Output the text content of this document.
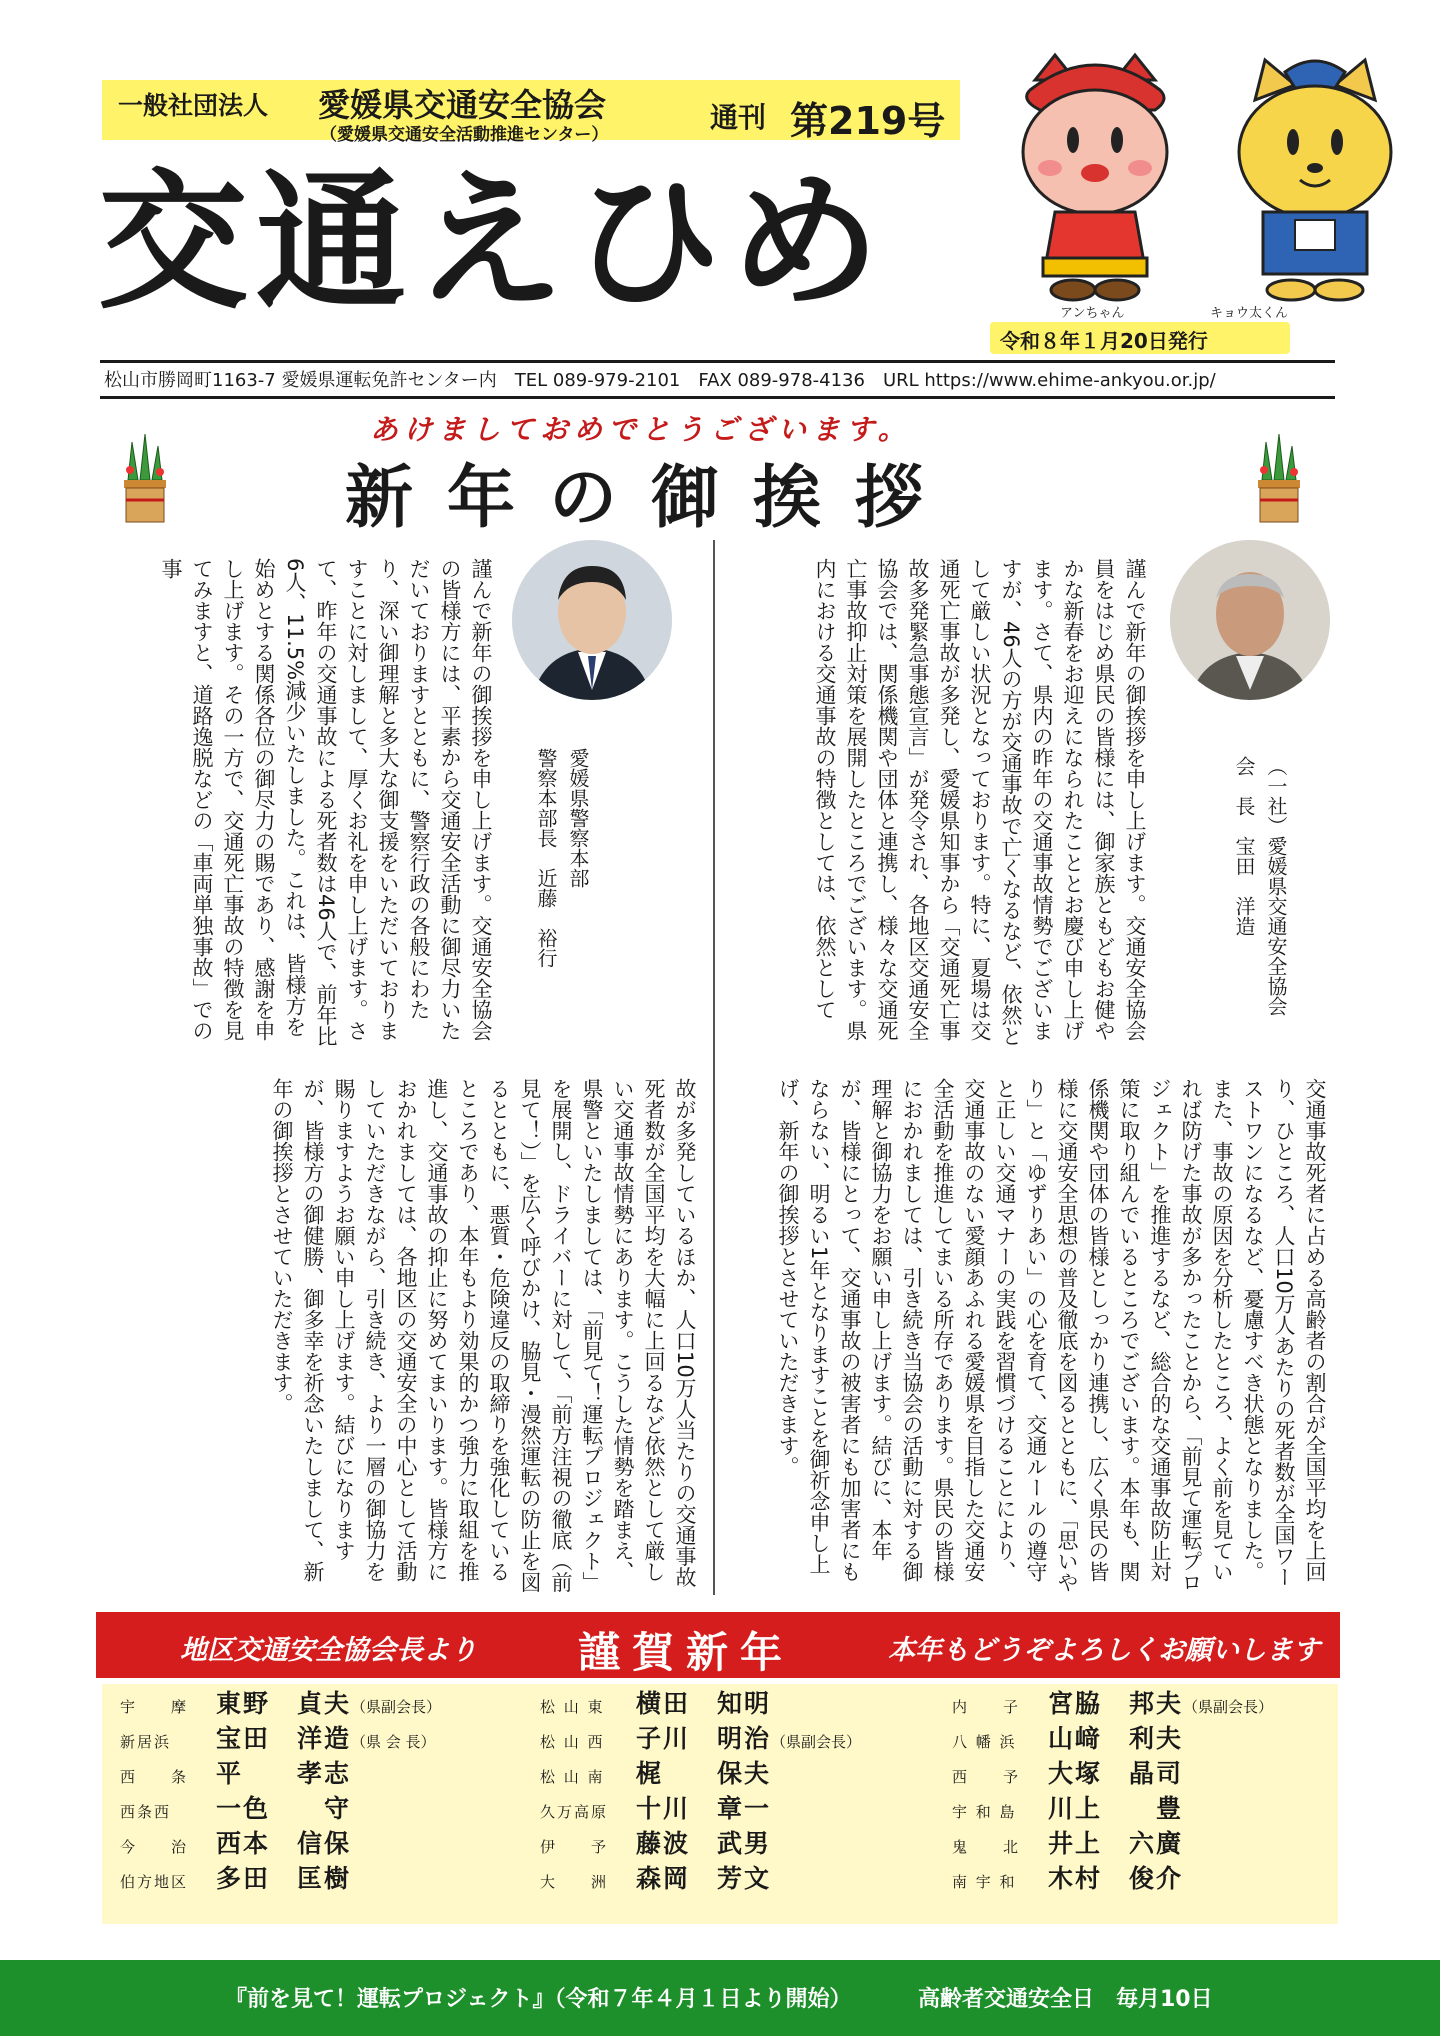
一般社団法人 愛媛県交通安全協会
（愛媛県交通安全活動推進センター）
通刊 第219号
交通えひめ	アンちゃん	キョウ太くん
令和８年１月20日発行
松山市勝岡町1163-7 愛媛県運転免許センター内　TEL 089-979-2101　FAX 089-978-4136　URL https://www.ehime-ankyou.or.jp/
あけましておめでとうございます。
新年の御挨拶
愛媛県警察本部
警察本部長　近藤　裕行	（一社）愛媛県交通安全協会
会　長　宝田　洋造
謹んで新年の御挨拶を申し上げます。交通安全協会の皆様方には、平素から交通安全活動に御尽力いただいておりますとともに、警察行政の各般にわたり、深い御理解と多大な御支援をいただいておりますことに対しまして、厚くお礼を申し上げます。さて、昨年の交通事故による死者数は46人で、前年比6人、11.5%減少いたしました。これは、皆様方を始めとする関係各位の御尽力の賜であり、感謝を申し上げます。その一方で、交通死亡事故の特徴を見てみますと、道路逸脱などの「車両単独事故」での事
故が多発しているほか、人口10万人当たりの交通事故死者数が全国平均を大幅に上回るなど依然として厳しい交通事故情勢にあります。こうした情勢を踏まえ、県警といたしましては、「前見て！運転プロジェクト」を展開し、ドライバーに対して、「前方注視の徹底（前見て！）」を広く呼びかけ、脇見・漫然運転の防止を図るとともに、悪質・危険違反の取締りを強化しているところであり、本年もより効果的かつ強力に取組を推進し、交通事故の抑止に努めてまいります。皆様方におかれましては、各地区の交通安全の中心として活動していただきながら、引き続き、より一層の御協力を賜りますようお願い申し上げます。結びになりますが、皆様方の御健勝、御多幸を祈念いたしまして、新年の御挨拶とさせていただきます。
謹んで新年の御挨拶を申し上げます。交通安全協会員をはじめ県民の皆様には、御家族ともどもお健やかな新春をお迎えになられたこととお慶び申し上げます。さて、県内の昨年の交通事故情勢でございますが、46人の方が交通事故で亡くなるなど、依然として厳しい状況となっております。特に、夏場は交通死亡事故が多発し、愛媛県知事から「交通死亡事故多発緊急事態宣言」が発令され、各地区交通安全協会では、関係機関や団体と連携し、様々な交通死亡事故抑止対策を展開したところでございます。県内における交通事故の特徴としては、依然として
交通事故死者に占める高齢者の割合が全国平均を上回り、ひところ、人口10万人あたりの死者数が全国ワーストワンになるなど、憂慮すべき状態となりました。また、事故の原因を分析したところ、よく前を見ていれば防げた事故が多かったことから、「前見て運転プロジェクト」を推進するなど、総合的な交通事故防止対策に取り組んでいるところでございます。本年も、関係機関や団体の皆様としっかり連携し、広く県民の皆様に交通安全思想の普及徹底を図るとともに、「思いやり」と「ゆずりあい」の心を育て、交通ルールの遵守と正しい交通マナーの実践を習慣づけることにより、交通事故のない愛顔あふれる愛媛県を目指した交通安全活動を推進してまいる所存であります。県民の皆様におかれましては、引き続き当協会の活動に対する御理解と御協力をお願い申し上げます。結びに、本年が、皆様にとって、交通事故の被害者にも加害者にもならない、明るい1年となりますことを御祈念申し上げ、新年の御挨拶とさせていただきます。
地区交通安全協会長より 謹賀新年	本年もどうぞよろしくお願いします
宇　　摩 東野　貞夫（県副会長）
新居浜 宝田　洋造（県 会 長）
西　　条 平　　孝志
西条西 一色　　守
今　　治 西本　信保
伯方地区 多田　匡樹
松 山 東 横田　知明
松 山 西 子川　明治（県副会長）
松 山 南 梶　　保夫
久万高原 十川　章一
伊　　予 藤波　武男
大　　洲 森岡　芳文
内　　子 宮脇　邦夫（県副会長）
八 幡 浜 山﨑　利夫
西　　予 大塚　晶司
宇 和 島 川上　　豊
鬼　　北 井上　六廣
南 宇 和 木村　俊介
『前を見て！運転プロジェクト』（令和７年４月１日より開始）	高齢者交通安全日　毎月10日
